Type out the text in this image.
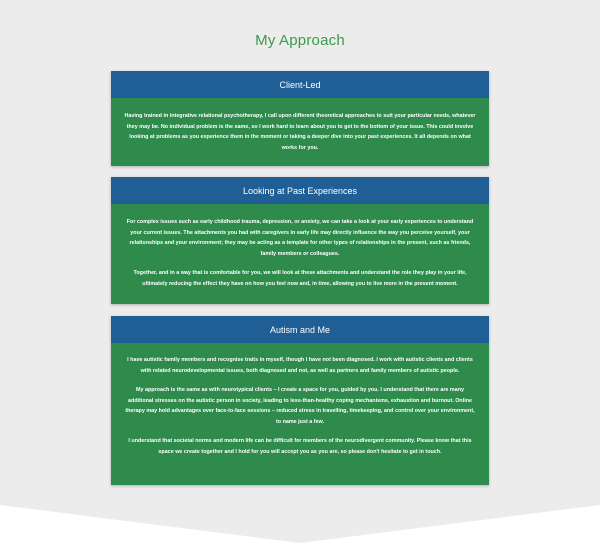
My Approach
Client-Led

Having trained in integrative relational psychotherapy, I call upon different theoretical approaches to suit your particular needs, whatever they may be. No individual problem is the same, so I work hard to learn about you to get to the bottom of your issue. This could involve looking at problems as you experience them in the moment or taking a deeper dive into your past experiences. It all depends on what works for you.

Looking at Past Experiences

For complex issues such as early childhood trauma, depression, or anxiety, we can take a look at your early experiences to understand your current issues. The attachments you had with caregivers in early life may directly influence the way you perceive yourself, your relationships and your environment; they may be acting as a template for other types of relationships in the present, such as friends, family members or colleagues.

Together, and in a way that is comfortable for you, we will look at these attachments and understand the role they play in your life, ultimately reducing the effect they have on how you feel now and, in time, allowing you to live more in the present moment.

Autism and Me

I have autistic family members and recognise traits in myself, though I have not been diagnosed. I work with autistic clients and clients with related neurodevelopmental issues, both diagnosed and not, as well as partners and family members of autistic people.

My approach is the same as with neurotypical clients – I create a space for you, guided by you. I understand that there are many additional stresses on the autistic person in society, leading to less-than-healthy coping mechanisms, exhaustion and burnout. Online therapy may hold advantages over face-to-face sessions – reduced stress in travelling, timekeeping, and control over your environment, to name just a few.

I understand that societal norms and modern life can be difficult for members of the neurodivergent community. Please know that this space we create together and I hold for you will accept you as you are, so please don't hesitate to get in touch.
